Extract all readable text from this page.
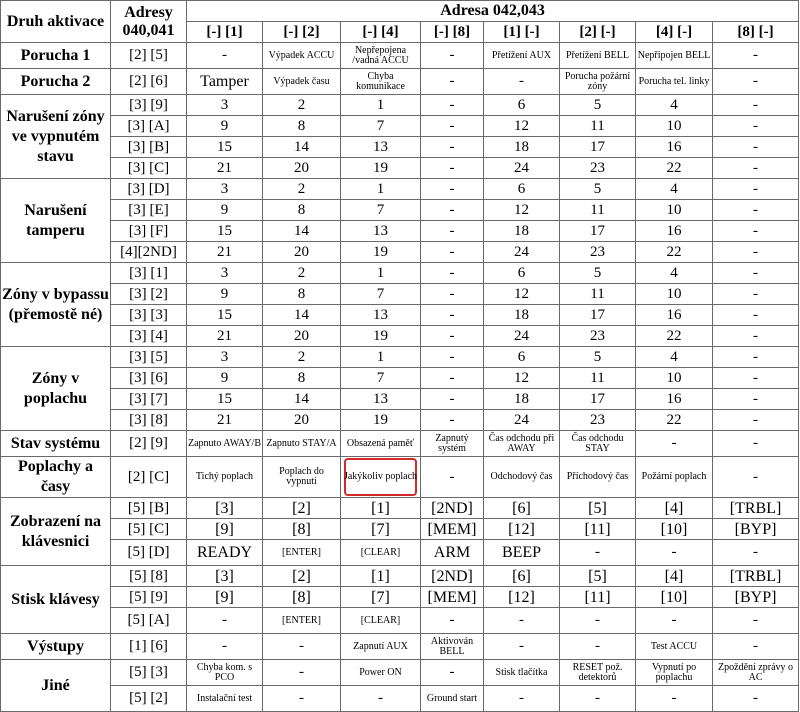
Druh aktivace	Adresy 040,041	Adresa 042,043							
		[-] [1]	[-] [2]	[-] [4]	[-] [8]	[1] [-]	[2] [-]	[4] [-]	[8] [-]
Porucha 1	[2] [5]	-	Výpadek ACCU	Nepřepojena /vadná ACCU	-	Přetížení AUX	Přetížení BELL	Nepřipojen BELL	-
Porucha 2	[2] [6]	Tamper	Výpadek času	Chyba komunikace	-	-	Porucha požární zóny	Porucha tel. linky	-
Narušení zóny ve vypnutém stavu	[3] [9]	3	2	1	-	6	5	4	-
	[3] [A]	9	8	7	-	12	11	10	-
	[3] [B]	15	14	13	-	18	17	16	-
	[3] [C]	21	20	19	-	24	23	22	-
Narušení tamperu	[3] [D]	3	2	1	-	6	5	4	-
	[3] [E]	9	8	7	-	12	11	10	-
	[3] [F]	15	14	13	-	18	17	16	-
	[4][2ND]	21	20	19	-	24	23	22	-
Zóny v bypassu (přemostě né)	[3] [1]	3	2	1	-	6	5	4	-
	[3] [2]	9	8	7	-	12	11	10	-
	[3] [3]	15	14	13	-	18	17	16	-
	[3] [4]	21	20	19	-	24	23	22	-
Zóny v poplachu	[3] [5]	3	2	1	-	6	5	4	-
	[3] [6]	9	8	7	-	12	11	10	-
	[3] [7]	15	14	13	-	18	17	16	-
	[3] [8]	21	20	19	-	24	23	22	-
Stav systému	[2] [9]	Zapnuto AWAY/B	Zapnuto STAY/A	Obsazená paměť	Zapnutý systém	Čas odchodu při AWAY	Čas odchodu STAY	-	-
Poplachy a časy	[2] [C]	Tichý poplach	Poplach do vypnutí	Jakýkoliv poplach	-	Odchodový čas	Příchodový čas	Požární poplach	-
Zobrazení na klávesnici	[5] [B]	[3]	[2]	[1]	[2ND]	[6]	[5]	[4]	[TRBL]
	[5] [C]	[9]	[8]	[7]	[MEM]	[12]	[11]	[10]	[BYP]
	[5] [D]	READY	[ENTER]	[CLEAR]	ARM	BEEP	-	-	-
Stisk klávesy	[5] [8]	[3]	[2]	[1]	[2ND]	[6]	[5]	[4]	[TRBL]
	[5] [9]	[9]	[8]	[7]	[MEM]	[12]	[11]	[10]	[BYP]
	[5] [A]	-	[ENTER]	[CLEAR]	-	-	-	-	-
Výstupy	[1] [6]	-	-	Zapnutí AUX	Aktivován BELL	-	-	Test ACCU	-
Jiné	[5] [3]	Chyba kom. s PCO	-	Power ON	-	Stisk tlačítka	RESET pož. detektorů	Vypnutí po poplachu	Zpoždění zprávy o AC
	[5] [2]	Instalační test	-	-	Ground start	-	-	-	-
